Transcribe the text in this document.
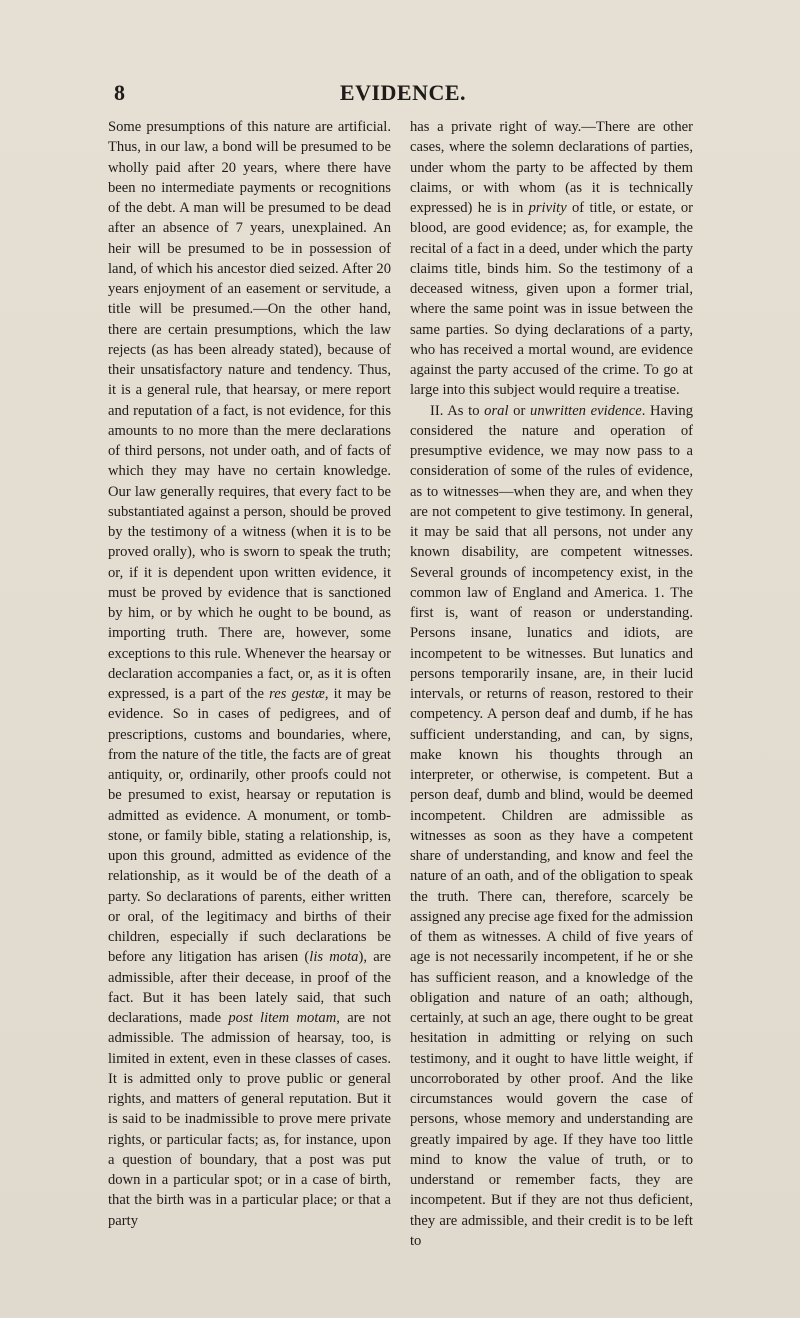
8	EVIDENCE.

Some presumptions of this nature are artificial. Thus, in our law, a bond will be presumed to be wholly paid after 20 years, where there have been no intermediate payments or recognitions of the debt. A man will be presumed to be dead after an absence of 7 years, unexplained. An heir will be presumed to be in possession of land, of which his ancestor died seized. After 20 years enjoyment of an easement or servitude, a title will be presumed.—On the other hand, there are certain presumptions, which the law rejects (as has been already stated), because of their unsatisfactory nature and tendency. Thus, it is a general rule, that hearsay, or mere report and reputation of a fact, is not evidence, for this amounts to no more than the mere declarations of third persons, not under oath, and of facts of which they may have no certain knowledge. Our law generally requires, that every fact to be substantiated against a person, should be proved by the testimony of a witness (when it is to be proved orally), who is sworn to speak the truth; or, if it is dependent upon written evidence, it must be proved by evidence that is sanctioned by him, or by which he ought to be bound, as importing truth. There are, however, some exceptions to this rule. Whenever the hearsay or declaration accompanies a fact, or, as it is often expressed, is a part of the res gestæ, it may be evidence. So in cases of pedigrees, and of prescriptions, customs and boundaries, where, from the nature of the title, the facts are of great antiquity, or, ordinarily, other proofs could not be presumed to exist, hearsay or reputation is admitted as evidence. A monument, or tomb-stone, or family bible, stating a relationship, is, upon this ground, admitted as evidence of the relationship, as it would be of the death of a party. So declarations of parents, either written or oral, of the legitimacy and births of their children, especially if such declarations be before any litigation has arisen (lis mota), are admissible, after their decease, in proof of the fact. But it has been lately said, that such declarations, made post litem motam, are not admissible. The admission of hearsay, too, is limited in extent, even in these classes of cases. It is admitted only to prove public or general rights, and matters of general reputation. But it is said to be inadmissible to prove mere private rights, or particular facts; as, for instance, upon a question of boundary, that a post was put down in a particular spot; or in a case of birth, that the birth was in a particular place; or that a party

has a private right of way.—There are other cases, where the solemn declarations of parties, under whom the party to be affected by them claims, or with whom (as it is technically expressed) he is in privity of title, or estate, or blood, are good evidence; as, for example, the recital of a fact in a deed, under which the party claims title, binds him. So the testimony of a deceased witness, given upon a former trial, where the same point was in issue between the same parties. So dying declarations of a party, who has received a mortal wound, are evidence against the party accused of the crime. To go at large into this subject would require a treatise.

II. As to oral or unwritten evidence. Having considered the nature and operation of presumptive evidence, we may now pass to a consideration of some of the rules of evidence, as to witnesses—when they are, and when they are not competent to give testimony. In general, it may be said that all persons, not under any known disability, are competent witnesses. Several grounds of incompetency exist, in the common law of England and America. 1. The first is, want of reason or understanding. Persons insane, lunatics and idiots, are incompetent to be witnesses. But lunatics and persons temporarily insane, are, in their lucid intervals, or returns of reason, restored to their competency. A person deaf and dumb, if he has sufficient understanding, and can, by signs, make known his thoughts through an interpreter, or otherwise, is competent. But a person deaf, dumb and blind, would be deemed incompetent. Children are admissible as witnesses as soon as they have a competent share of understanding, and know and feel the nature of an oath, and of the obligation to speak the truth. There can, therefore, scarcely be assigned any precise age fixed for the admission of them as witnesses. A child of five years of age is not necessarily incompetent, if he or she has sufficient reason, and a knowledge of the obligation and nature of an oath; although, certainly, at such an age, there ought to be great hesitation in admitting or relying on such testimony, and it ought to have little weight, if uncorroborated by other proof. And the like circumstances would govern the case of persons, whose memory and understanding are greatly impaired by age. If they have too little mind to know the value of truth, or to understand or remember facts, they are incompetent. But if they are not thus deficient, they are admissible, and their credit is to be left to
